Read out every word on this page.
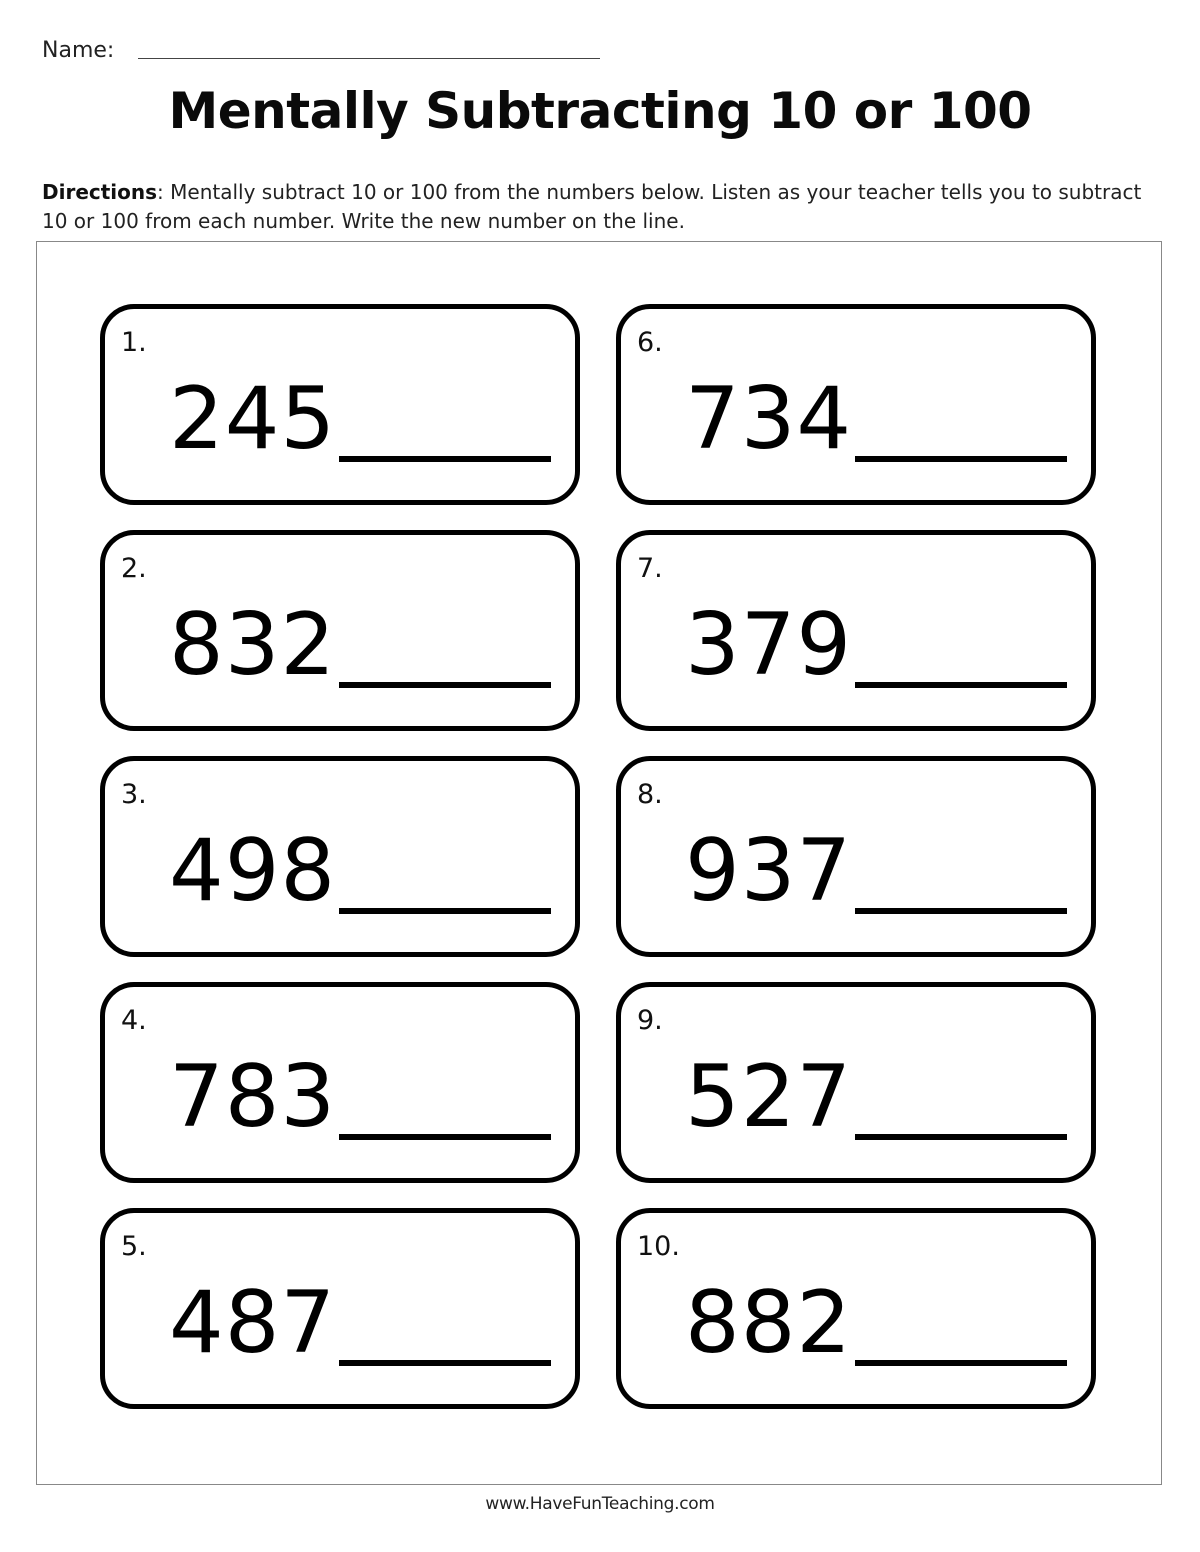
Name:
Mentally Subtracting 10 or 100
Directions: Mentally subtract 10 or 100 from the numbers below. Listen as your teacher tells you to subtract 10 or 100 from each number. Write the new number on the line.
1.
245
2.
832
3.
498
4.
783
5.
487
6.
734
7.
379
8.
937
9.
527
10.
882
www.HaveFunTeaching.com
